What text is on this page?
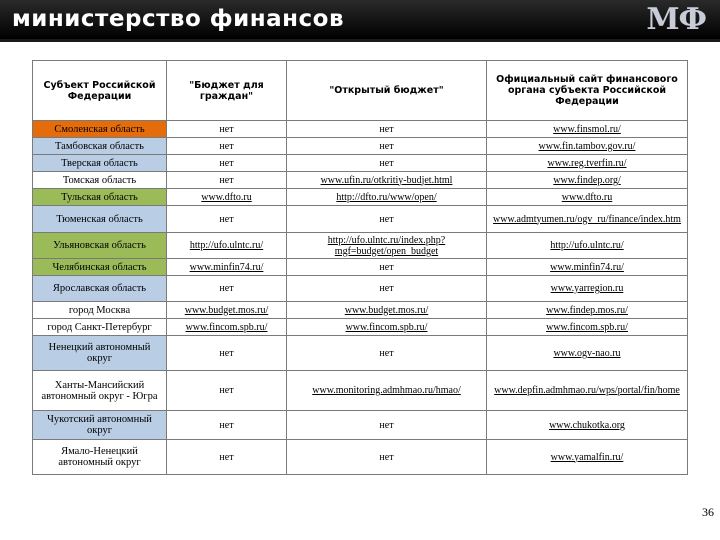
министерство финансов	МФ
Субъект Российской Федерации	"Бюджет для граждан"	"Открытый бюджет"	Официальный сайт финансового органа субъекта Российской Федерации
Смоленская область	нет	нет	www.finsmol.ru/
Тамбовская область	нет	нет	www.fin.tambov.gov.ru/
Тверская область	нет	нет	www.reg.tverfin.ru/
Томская область	нет	www.ufin.ru/otkritiy-budjet.html	www.findep.org/
Тульская область	www.dfto.ru	http://dfto.ru/www/open/	www.dfto.ru
Тюменская область	нет	нет	www.admtyumen.ru/ogv_ru/finance/index.htm
Ульяновская область	http://ufo.ulntc.ru/	http://ufo.ulntc.ru/index.php?mgf=budget/open_budget	http://ufo.ulntc.ru/
Челябинская область	www.minfin74.ru/	нет	www.minfin74.ru/
Ярославская область	нет	нет	www.yarregion.ru
город Москва	www.budget.mos.ru/	www.budget.mos.ru/	www.findep.mos.ru/
город Санкт-Петербург	www.fincom.spb.ru/	www.fincom.spb.ru/	www.fincom.spb.ru/
Ненецкий автономный округ	нет	нет	www.ogv-nao.ru
Ханты-Мансийский автономный округ - Югра	нет	www.monitoring.admhmao.ru/hmao/	www.depfin.admhmao.ru/wps/portal/fin/home
Чукотский автономный округ	нет	нет	www.chukotka.org
Ямало-Ненецкий автономный округ	нет	нет	www.yamalfin.ru/
36
